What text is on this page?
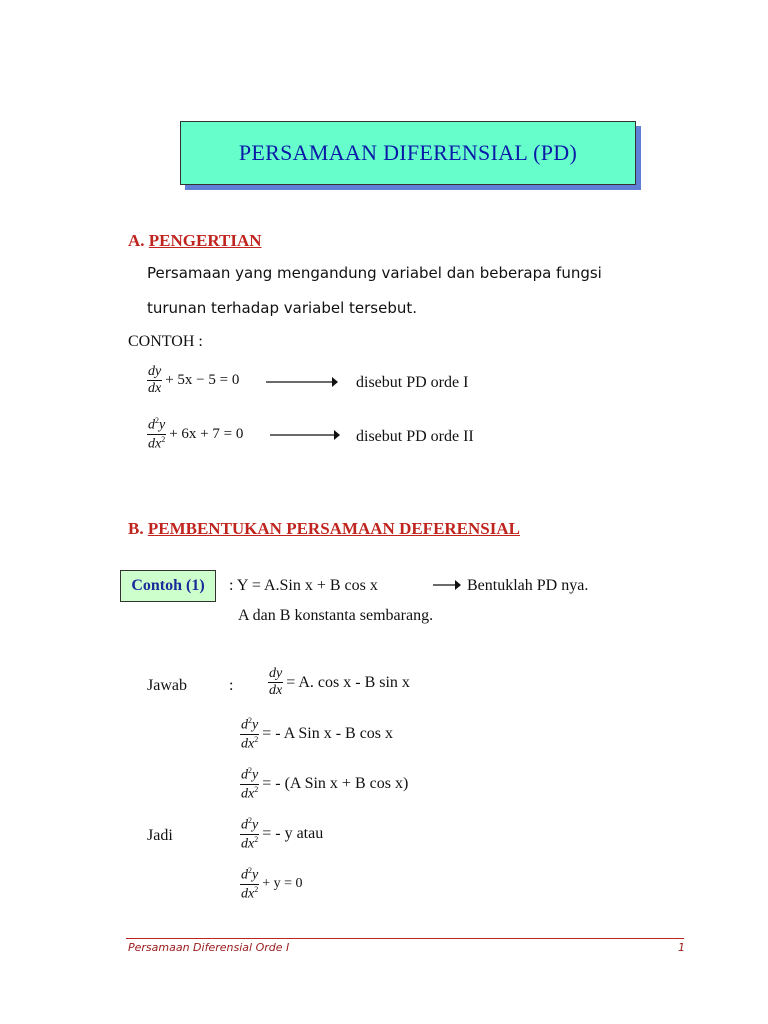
PERSAMAAN DIFERENSIAL (PD)
A. PENGERTIAN
Persamaan yang mengandung variabel dan beberapa fungsi
turunan terhadap variabel tersebut.
CONTOH :
$\frac{dy}{dx} + 5x - 5 = 0$	disebut PD orde I
$\frac{d^2y}{dx^2} + 6x + 7 = 0$	disebut PD orde II
B. PEMBENTUKAN PERSAMAAN DEFERENSIAL
Contoh (1) : Y = A.Sin x + B cos x	Bentuklah PD nya.
A dan B konstanta sembarang.
Jawab	: $\frac{dy}{dx} = A$. cos x - B sin x
$\frac{d^2y}{dx^2}$ = - A Sin x - B cos x
$\frac{d^2y}{dx^2}$ = - (A Sin x + B cos x)
Jadi	$\frac{d^2y}{dx^2}$ = - y atau
$\frac{d^2y}{dx^2} + y = 0$
Persamaan Diferensial Orde I	1
